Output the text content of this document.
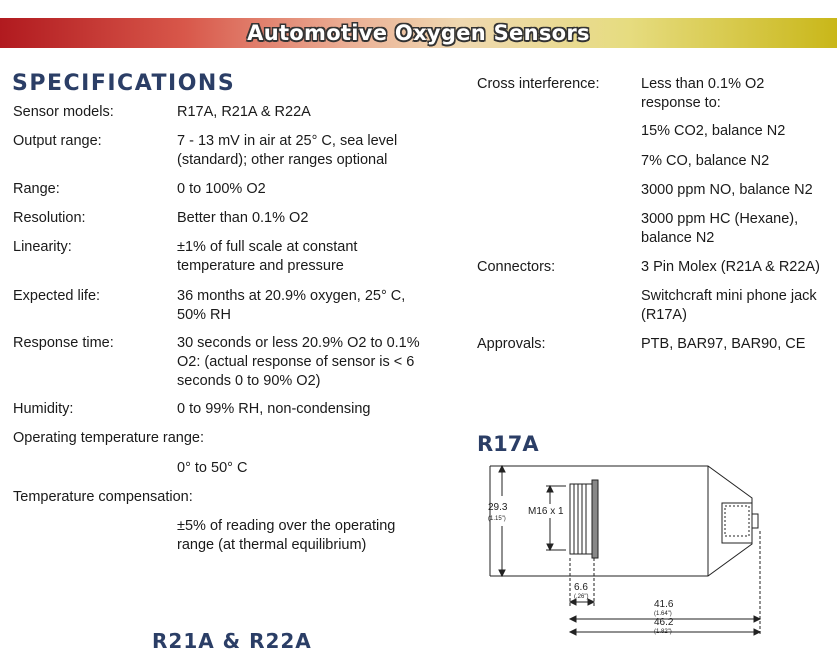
Automotive Oxygen Sensors
SPECIFICATIONS
Sensor models:	R17A, R21A & R22A
Output range:	7 - 13 mV in air at 25° C, sea level (standard); other ranges optional
Range:	0 to 100% O2
Resolution:	Better than 0.1% O2
Linearity:	±1% of full scale at constant temperature and pressure
Expected life:	36 months at 20.9% oxygen, 25° C, 50% RH
Response time:	30 seconds or less 20.9% O2 to 0.1% O2: (actual response of sensor is < 6 seconds 0 to 90% O2)
Humidity:	0 to 99% RH, non-condensing
Operating temperature range:
0° to 50° C
Temperature compensation:
±5% of reading over the operating range (at thermal equilibrium)
R21A & R22A
Cross interference:	Less than 0.1% O2 response to:
15% CO2, balance N2
7% CO, balance N2
3000 ppm NO, balance N2
3000 ppm HC (Hexane), balance N2
Connectors:	3 Pin Molex (R21A & R22A)
Switchcraft mini phone jack (R17A)
Approvals:	PTB, BAR97, BAR90, CE
R17A
29.3
(1.15")
M16 x 1
6.6
(.26")
41.6
(1.64")
46.2
(1.82")
